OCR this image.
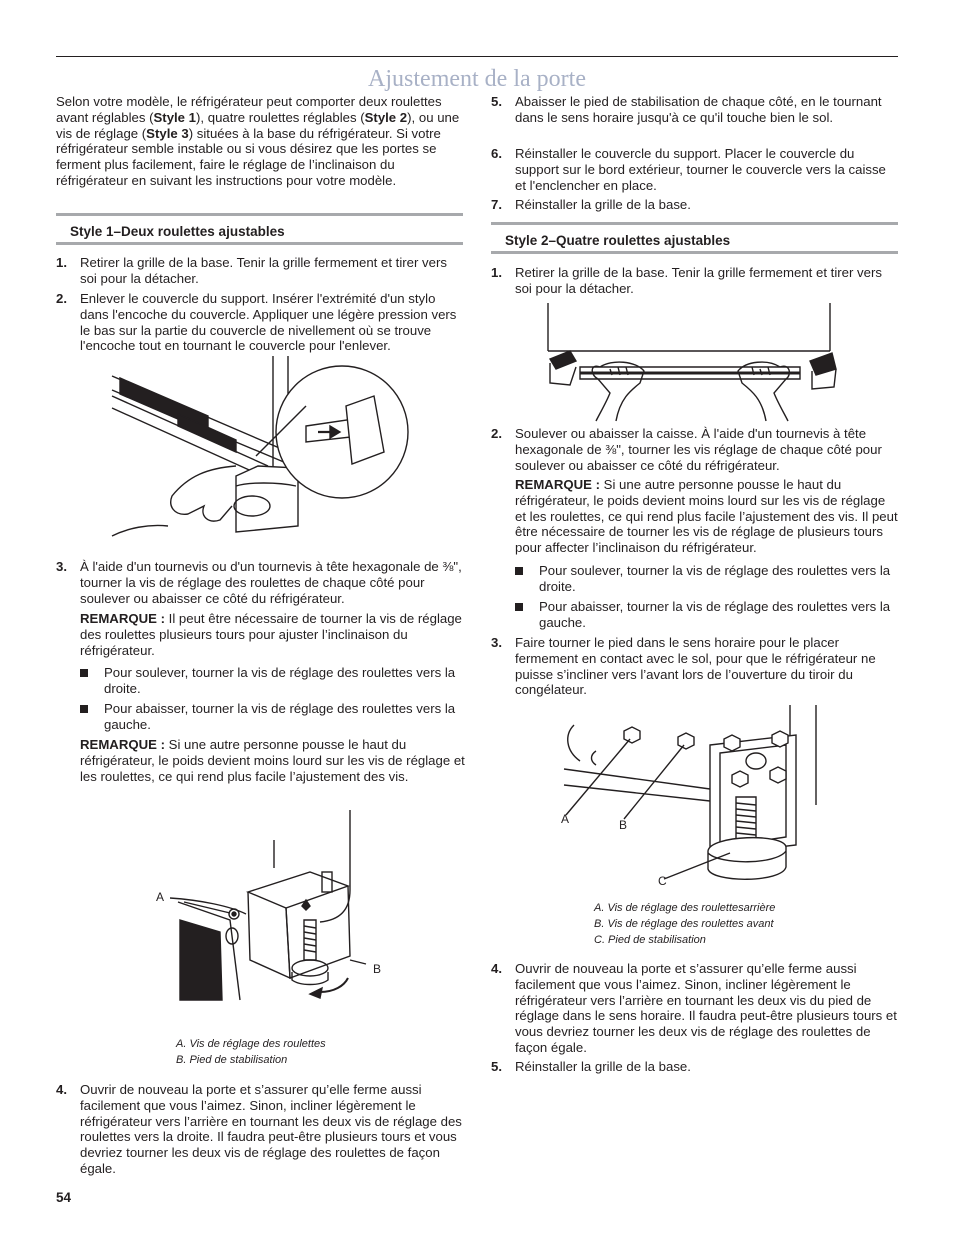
Ajustement de la porte

Selon votre modèle, le réfrigérateur peut comporter deux roulettes avant réglables (Style 1), quatre roulettes réglables (Style 2), ou une vis de réglage (Style 3) situées à la base du réfrigérateur. Si votre réfrigérateur semble instable ou si vous désirez que les portes se ferment plus facilement, faire le réglage de l’inclinaison du réfrigérateur en suivant les instructions pour votre modèle.

Style 1–Deux roulettes ajustables
1. Retirer la grille de la base. Tenir la grille fermement et tirer vers soi pour la détacher.
2. Enlever le couvercle du support. Insérer l'extrémité d'un stylo dans l'encoche du couvercle. Appliquer une légère pression vers le bas sur la partie du couvercle de nivellement où se trouve l'encoche tout en tournant le couvercle pour l'enlever.
3. À l'aide d'un tournevis ou d'un tournevis à tête hexagonale de ⅜", tourner la vis de réglage des roulettes de chaque côté pour soulever ou abaisser ce côté du réfrigérateur.

REMARQUE : Il peut être nécessaire de tourner la vis de réglage des roulettes plusieurs tours pour ajuster l’inclinaison du réfrigérateur.

Pour soulever, tourner la vis de réglage des roulettes vers la droite.
Pour abaisser, tourner la vis de réglage des roulettes vers la gauche.

REMARQUE : Si une autre personne pousse le haut du réfrigérateur, le poids devient moins lourd sur les vis de réglage et les roulettes, ce qui rend plus facile l’ajustement des vis.

A
B
A. Vis de réglage des roulettes
B. Pied de stabilisation
4. Ouvrir de nouveau la porte et s’assurer qu’elle ferme aussi facilement que vous l’aimez. Sinon, incliner légèrement le réfrigérateur vers l’arrière en tournant les deux vis de réglage des roulettes vers la droite. Il faudra peut-être plusieurs tours et vous devriez tourner les deux vis de réglage des roulettes de façon égale.
5. Abaisser le pied de stabilisation de chaque côté, en le tournant dans le sens horaire jusqu'à ce qu'il touche bien le sol.
6. Réinstaller le couvercle du support. Placer le couvercle du support sur le bord extérieur, tourner le couvercle vers la caisse et l'enclencher en place.
7. Réinstaller la grille de la base.
Style 2–Quatre roulettes ajustables
1. Retirer la grille de la base. Tenir la grille fermement et tirer vers soi pour la détacher.
2. Soulever ou abaisser la caisse. À l'aide d'un tournevis à tête hexagonale de ⅜", tourner les vis réglage de chaque côté pour soulever ou abaisser ce côté du réfrigérateur.

REMARQUE : Si une autre personne pousse le haut du réfrigérateur, le poids devient moins lourd sur les vis de réglage et les roulettes, ce qui rend plus facile l’ajustement des vis. Il peut être nécessaire de tourner les vis de réglage de plusieurs tours pour affecter l’inclinaison du réfrigérateur.

Pour soulever, tourner la vis de réglage des roulettes vers la droite.
Pour abaisser, tourner la vis de réglage des roulettes vers la gauche.
3. Faire tourner le pied dans le sens horaire pour le placer fermement en contact avec le sol, pour que le réfrigérateur ne puisse s’incliner vers l’avant lors de l’ouverture du tiroir du congélateur.
A	B
C
A. Vis de réglage des roulettesarrière
B. Vis de réglage des roulettes avant
C. Pied de stabilisation
4. Ouvrir de nouveau la porte et s’assurer qu’elle ferme aussi facilement que vous l’aimez. Sinon, incliner légèrement le réfrigérateur vers l’arrière en tournant les deux vis du pied de réglage dans le sens horaire. Il faudra peut-être plusieurs tours et vous devriez tourner les deux vis de réglage des roulettes de façon égale.
5. Réinstaller la grille de la base.
54
